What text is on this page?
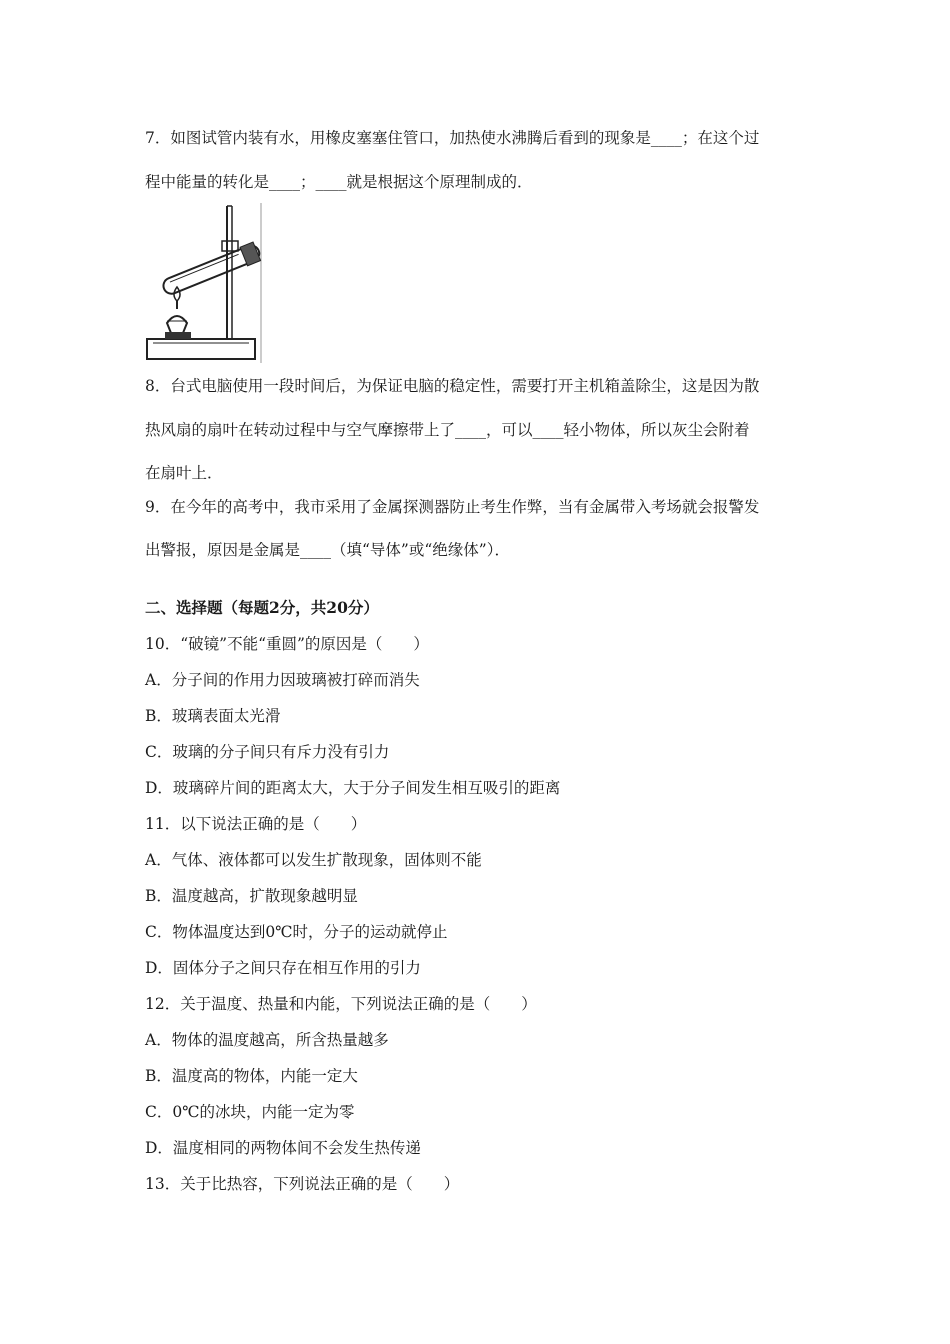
7．如图试管内装有水，用橡皮塞塞住管口，加热使水沸腾后看到的现象是____；在这个过
程中能量的转化是____；____就是根据这个原理制成的．
8．台式电脑使用一段时间后，为保证电脑的稳定性，需要打开主机箱盖除尘，这是因为散
热风扇的扇叶在转动过程中与空气摩擦带上了____，可以____轻小物体，所以灰尘会附着
在扇叶上．
9．在今年的高考中，我市采用了金属探测器防止考生作弊，当有金属带入考场就会报警发
出警报，原因是金属是____（填“导体”或“绝缘体”）．
二、选择题（每题2分，共20分）
10．“破镜”不能“重圆”的原因是（　　）
A．分子间的作用力因玻璃被打碎而消失
B．玻璃表面太光滑
C．玻璃的分子间只有斥力没有引力
D．玻璃碎片间的距离太大，大于分子间发生相互吸引的距离
11．以下说法正确的是（　　）
A．气体、液体都可以发生扩散现象，固体则不能
B．温度越高，扩散现象越明显
C．物体温度达到0℃时，分子的运动就停止
D．固体分子之间只存在相互作用的引力
12．关于温度、热量和内能，下列说法正确的是（　　）
A．物体的温度越高，所含热量越多
B．温度高的物体，内能一定大
C．0℃的冰块，内能一定为零
D．温度相同的两物体间不会发生热传递
13．关于比热容，下列说法正确的是（　　）
